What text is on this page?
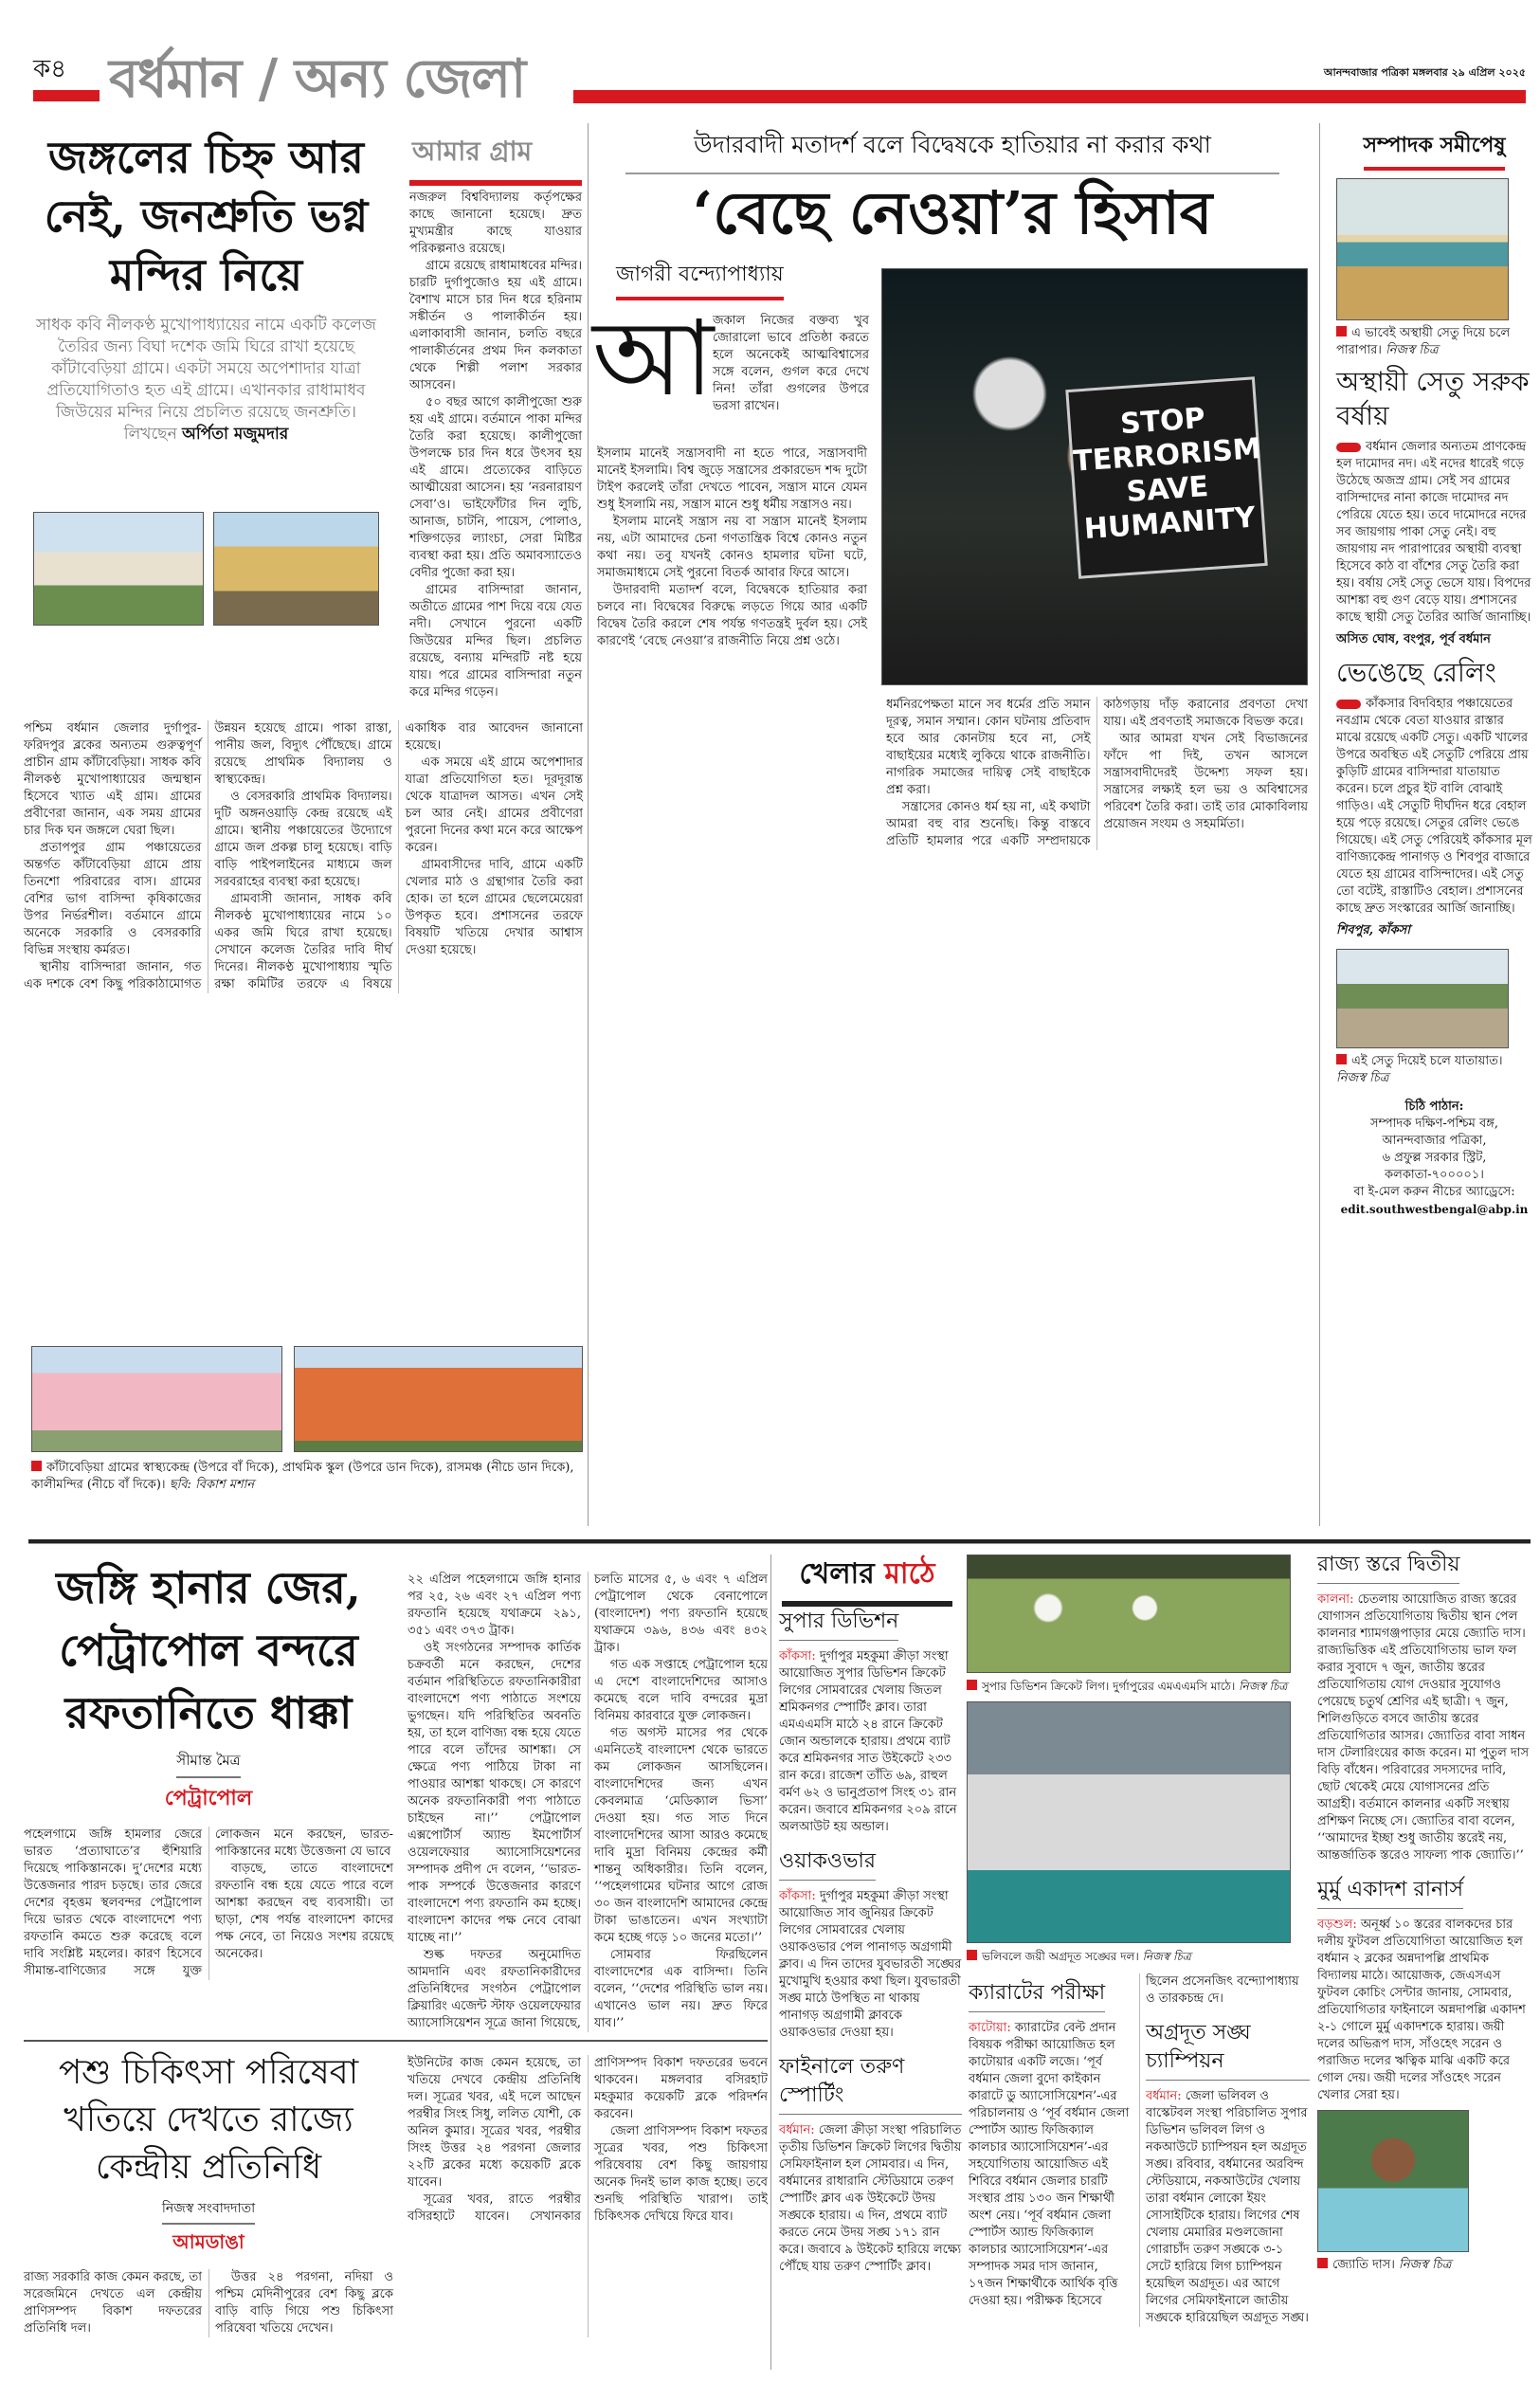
ক৪ বর্ধমান / অন্য জেলা	আনন্দবাজার পত্রিকা মঙ্গলবার ২৯ এপ্রিল ২০২৫
জঙ্গলের চিহ্ন আর নেই, জনশ্রুতি ভগ্ন মন্দির নিয়ে
সাধক কবি নীলকণ্ঠ মুখোপাধ্যায়ের নামে একটি কলেজ তৈরির জন্য বিঘা দশেক জমি ঘিরে রাখা হয়েছে কাঁটাবেড়িয়া গ্রামে। একটা সময়ে অপেশাদার যাত্রা প্রতিযোগিতাও হত এই গ্রামে। এখানকার রাধামাধব জিউয়ের মন্দির নিয়ে প্রচলিত রয়েছে জনশ্রুতি।
লিখছেন অর্পিতা মজুমদার
আমার গ্রাম

নজরুল বিশ্ববিদ্যালয় কর্তৃপক্ষের কাছে জানানো হয়েছে। দ্রুত মুখ্যমন্ত্রীর কাছে যাওয়ার পরিকল্পনাও রয়েছে।

গ্রামে রয়েছে রাধামাধবের মন্দির। চারটি দুর্গাপুজোও হয় এই গ্রামে। বৈশাখ মাসে চার দিন ধরে হরিনাম সঙ্কীর্তন ও পালাকীর্তন হয়। এলাকাবাসী জানান, চলতি বছরে পালাকীর্তনের প্রথম দিন কলকাতা থেকে শিল্পী পলাশ সরকার আসবেন।

৫০ বছর আগে কালীপুজো শুরু হয় এই গ্রামে। বর্তমানে পাকা মন্দির তৈরি করা হয়েছে। কালীপুজো উপলক্ষে চার দিন ধরে উৎসব হয় এই গ্রামে। প্রত্যেকের বাড়িতে আত্মীয়েরা আসেন। হয় ‘নরনারায়ণ সেবা’ও। ভাইফোঁটার দিন লুচি, আনাজ, চাটনি, পায়েস, পোলাও, শক্তিগড়ের ল্যাংচা, সেরা মিষ্টির ব্যবস্থা করা হয়। প্রতি অমাবস্যাতেও বেদীর পুজো করা হয়।

গ্রামের বাসিন্দারা জানান, অতীতে গ্রামের পাশ দিয়ে বয়ে যেত নদী। সেখানে পুরনো একটি জিউয়ের মন্দির ছিল। প্রচলিত রয়েছে, বন্যায় মন্দিরটি নষ্ট হয়ে যায়। পরে গ্রামের বাসিন্দারা নতুন করে মন্দির গড়েন।

পশ্চিম বর্ধমান জেলার দুর্গাপুর-ফরিদপুর ব্লকের অন্যতম গুরুত্বপূর্ণ প্রাচীন গ্রাম কাঁটাবেড়িয়া। সাধক কবি নীলকণ্ঠ মুখোপাধ্যায়ের জন্মস্থান হিসেবে খ্যাত এই গ্রাম। গ্রামের প্রবীণেরা জানান, এক সময় গ্রামের চার দিক ঘন জঙ্গলে ঘেরা ছিল।

প্রতাপপুর গ্রাম পঞ্চায়েতের অন্তর্গত কাঁটাবেড়িয়া গ্রামে প্রায় তিনশো পরিবারের বাস। গ্রামের বেশির ভাগ বাসিন্দা কৃষিকাজের উপর নির্ভরশীল। বর্তমানে গ্রামে অনেকে সরকারি ও বেসরকারি বিভিন্ন সংস্থায় কর্মরত।

স্থানীয় বাসিন্দারা জানান, গত এক দশকে বেশ কিছু পরিকাঠামোগত উন্নয়ন হয়েছে গ্রামে। পাকা রাস্তা, পানীয় জল, বিদ্যুৎ পৌঁছেছে। গ্রামে রয়েছে প্রাথমিক বিদ্যালয় ও স্বাস্থ্যকেন্দ্র।

ও বেসরকারি প্রাথমিক বিদ্যালয়। দুটি অঙ্গনওয়াড়ি কেন্দ্র রয়েছে এই গ্রামে। স্থানীয় পঞ্চায়েতের উদ্যোগে গ্রামে জল প্রকল্প চালু হয়েছে। বাড়ি বাড়ি পাইপলাইনের মাধ্যমে জল সরবরাহের ব্যবস্থা করা হয়েছে।

গ্রামবাসী জানান, সাধক কবি নীলকণ্ঠ মুখোপাধ্যায়ের নামে ১০ একর জমি ঘিরে রাখা হয়েছে। সেখানে কলেজ তৈরির দাবি দীর্ঘ দিনের। নীলকণ্ঠ মুখোপাধ্যায় স্মৃতি রক্ষা কমিটির তরফে এ বিষয়ে একাধিক বার আবেদন জানানো হয়েছে।

এক সময়ে এই গ্রামে অপেশাদার যাত্রা প্রতিযোগিতা হত। দূরদূরান্ত থেকে যাত্রাদল আসত। এখন সেই চল আর নেই। গ্রামের প্রবীণেরা পুরনো দিনের কথা মনে করে আক্ষেপ করেন।

গ্রামবাসীদের দাবি, গ্রামে একটি খেলার মাঠ ও গ্রন্থাগার তৈরি করা হোক। তা হলে গ্রামের ছেলেমেয়েরা উপকৃত হবে। প্রশাসনের তরফে বিষয়টি খতিয়ে দেখার আশ্বাস দেওয়া হয়েছে।

কাঁটাবেড়িয়া গ্রামের স্বাস্থ্যকেন্দ্র (উপরে বাঁ দিকে), প্রাথমিক স্কুল (উপরে ডান দিকে), রাসমঞ্চ (নীচে ডান দিকে), কালীমন্দির (নীচে বাঁ দিকে)। ছবি: বিকাশ মশান
উদারবাদী মতাদর্শ বলে বিদ্বেষকে হাতিয়ার না করার কথা
‘বেছে নেওয়া’র হিসাব
জাগরী বন্দ্যোপাধ্যায়
আ

জকাল নিজের বক্তব্য খুব জোরালো ভাবে প্রতিষ্ঠা করতে হলে অনেকেই আত্মবিশ্বাসের সঙ্গে বলেন, গুগল করে দেখে নিন! তাঁরা গুগলের উপরে ভরসা রাখেন।

ইসলাম মানেই সন্ত্রাসবাদী না হতে পারে, সন্ত্রাসবাদী মানেই ইসলামি। বিশ্ব জুড়ে সন্ত্রাসের প্রকারভেদ শব্দ দুটো টাইপ করলেই তাঁরা দেখতে পাবেন, সন্ত্রাস মানে যেমন শুধু ইসলামি নয়, সন্ত্রাস মানে শুধু ধর্মীয় সন্ত্রাসও নয়।

ইসলাম মানেই সন্ত্রাস নয় বা সন্ত্রাস মানেই ইসলাম নয়, এটা আমাদের চেনা গণতান্ত্রিক বিশ্বে কোনও নতুন কথা নয়। তবু যখনই কোনও হামলার ঘটনা ঘটে, সমাজমাধ্যমে সেই পুরনো বিতর্ক আবার ফিরে আসে।

উদারবাদী মতাদর্শ বলে, বিদ্বেষকে হাতিয়ার করা চলবে না। বিদ্বেষের বিরুদ্ধে লড়তে গিয়ে আর একটি বিদ্বেষ তৈরি করলে শেষ পর্যন্ত গণতন্ত্রই দুর্বল হয়। সেই কারণেই ‘বেছে নেওয়া’র রাজনীতি নিয়ে প্রশ্ন ওঠে।

STOP TERRORISM SAVE HUMANITY

ধর্মনিরপেক্ষতা মানে সব ধর্মের প্রতি সমান দূরত্ব, সমান সম্মান। কোন ঘটনায় প্রতিবাদ হবে আর কোনটায় হবে না, সেই বাছাইয়ের মধ্যেই লুকিয়ে থাকে রাজনীতি। নাগরিক সমাজের দায়িত্ব সেই বাছাইকে প্রশ্ন করা।

সন্ত্রাসের কোনও ধর্ম হয় না, এই কথাটা আমরা বহু বার শুনেছি। কিন্তু বাস্তবে প্রতিটি হামলার পরে একটি সম্প্রদায়কে কাঠগড়ায় দাঁড় করানোর প্রবণতা দেখা যায়। এই প্রবণতাই সমাজকে বিভক্ত করে।

আর আমরা যখন সেই বিভাজনের ফাঁদে পা দিই, তখন আসলে সন্ত্রাসবাদীদেরই উদ্দেশ্য সফল হয়। সন্ত্রাসের লক্ষ্যই হল ভয় ও অবিশ্বাসের পরিবেশ তৈরি করা। তাই তার মোকাবিলায় প্রয়োজন সংযম ও সহমর্মিতা।

সম্পাদক সমীপেষু
এ ভাবেই অস্থায়ী সেতু দিয়ে চলে পারাপার। নিজস্ব চিত্র
অস্থায়ী সেতু সরুক বর্ষায়

বর্ধমান জেলার অন্যতম প্রাণকেন্দ্র হল দামোদর নদ। এই নদের ধারেই গড়ে উঠেছে অজস্র গ্রাম। সেই সব গ্রামের বাসিন্দাদের নানা কাজে দামোদর নদ পেরিয়ে যেতে হয়। তবে দামোদরে নদের সব জায়গায় পাকা সেতু নেই। বহু জায়গায় নদ পারাপারের অস্থায়ী ব্যবস্থা হিসেবে কাঠ বা বাঁশের সেতু তৈরি করা হয়। বর্ষায় সেই সেতু ভেসে যায়। বিপদের আশঙ্কা বহু গুণ বেড়ে যায়। প্রশাসনের কাছে স্থায়ী সেতু তৈরির আর্জি জানাচ্ছি।

অসিত ঘোষ, বংপুর, পূর্ব বর্ধমান
ভেঙেছে রেলিং

কাঁকসার বিদবিহার পঞ্চায়েতের নবগ্রাম থেকে বেতা যাওয়ার রাস্তার মাঝে রয়েছে একটি সেতু। একটি খালের উপরে অবস্থিত এই সেতুটি পেরিয়ে প্রায় কুড়িটি গ্রামের বাসিন্দারা যাতায়াত করেন। চলে প্রচুর ইট বালি বোঝাই গাড়িও। এই সেতুটি দীর্ঘদিন ধরে বেহাল হয়ে পড়ে রয়েছে। সেতুর রেলিং ভেঙে গিয়েছে। এই সেতু পেরিয়েই কাঁকসার মূল বাণিজ্যকেন্দ্র পানাগড় ও শিবপুর বাজারে যেতে হয় গ্রামের বাসিন্দাদের। এই সেতু তো বটেই, রাস্তাটিও বেহাল। প্রশাসনের কাছে দ্রুত সংস্কারের আর্জি জানাচ্ছি।

শিবপুর, কাঁকসা
এই সেতু দিয়েই চলে যাতায়াত। নিজস্ব চিত্র
চিঠি পাঠান:
সম্পাদক দক্ষিণ-পশ্চিম বঙ্গ,
আনন্দবাজার পত্রিকা,
৬ প্রফুল্ল সরকার স্ট্রিট,
কলকাতা-৭০০০০১।
বা ই-মেল করুন নীচের অ্যাড্রেসে:
edit.southwestbengal@abp.in
জঙ্গি হানার জের, পেট্রাপোল বন্দরে রফতানিতে ধাক্কা
সীমান্ত মৈত্র
পেট্রাপোল

পহেলগামে জঙ্গি হামলার জেরে ভারত ‘প্রত্যাঘাতে’র হুঁশিয়ারি দিয়েছে পাকিস্তানকে। দু’দেশের মধ্যে উত্তেজনার পারদ চড়ছে। তার জেরে দেশের বৃহত্তম স্থলবন্দর পেট্রাপোল দিয়ে ভারত থেকে বাংলাদেশে পণ্য রফতানি কমতে শুরু করেছে বলে দাবি সংশ্লিষ্ট মহলের। কারণ হিসেবে সীমান্ত-বাণিজ্যের সঙ্গে যুক্ত লোকজন মনে করছেন, ভারত-পাকিস্তানের মধ্যে উত্তেজনা যে ভাবে

বাড়ছে, তাতে বাংলাদেশে রফতানি বন্ধ হয়ে যেতে পারে বলে আশঙ্কা করছেন বহু ব্যবসায়ী। তা ছাড়া, শেষ পর্যন্ত বাংলাদেশ কাদের পক্ষ নেবে, তা নিয়েও সংশয় রয়েছে অনেকের।

২২ এপ্রিল পহেলগামে জঙ্গি হানার পর ২৫, ২৬ এবং ২৭ এপ্রিল পণ্য রফতানি হয়েছে যথাক্রমে ২৯১, ৩৫১ এবং ৩৭৩ ট্রাক।

ওই সংগঠনের সম্পাদক কার্তিক চক্রবর্তী মনে করছেন, দেশের বর্তমান পরিস্থিতিতে রফতানিকারীরা বাংলাদেশে পণ্য পাঠাতে সংশয়ে ভুগছেন। যদি পরিস্থিতির অবনতি হয়, তা হলে বাণিজ্য বন্ধ হয়ে যেতে পারে বলে তাঁদের আশঙ্কা। সে ক্ষেত্রে পণ্য পাঠিয়ে টাকা না পাওয়ার আশঙ্কা থাকছে। সে কারণে অনেক রফতানিকারী পণ্য পাঠাতে চাইছেন না।’’ পেট্রাপোল এক্সপোর্টার্স অ্যান্ড ইমপোর্টার্স ওয়েলফেয়ার অ্যাসোসিয়েশনের সম্পাদক প্রদীপ দে বলেন, ‘‘ভারত-পাক সম্পর্কে উত্তেজনার কারণে বাংলাদেশে পণ্য রফতানি কম হচ্ছে। বাংলাদেশ কাদের পক্ষ নেবে বোঝা যাচ্ছে না।’’

শুল্ক দফতর অনুমোদিত আমদানি এবং রফতানিকারীদের প্রতিনিধিদের সংগঠন পেট্রাপোল ক্লিয়ারিং এজেন্ট স্টাফ ওয়েলফেয়ার অ্যাসোসিয়েশন সূত্রে জানা গিয়েছে, চলতি মাসের ৫, ৬ এবং ৭ এপ্রিল পেট্রাপোল থেকে বেনাপোলে (বাংলাদেশ) পণ্য রফতানি হয়েছে যথাক্রমে ৩৯৬, ৪৩৬ এবং ৪৩২ ট্রাক।

গত এক সপ্তাহে পেট্রাপোল হয়ে এ দেশে বাংলাদেশিদের আসাও কমেছে বলে দাবি বন্দরের মুদ্রা বিনিময় কারবারে যুক্ত লোকজন।

গত অগস্ট মাসের পর থেকে এমনিতেই বাংলাদেশ থেকে ভারতে কম লোকজন আসছিলেন। বাংলাদেশিদের জন্য এখন কেবলমাত্র ‘মেডিক্যাল ভিসা’ দেওয়া হয়। গত সাত দিনে বাংলাদেশিদের আসা আরও কমেছে দাবি মুদ্রা বিনিময় কেন্দ্রের কর্মী শান্তনু অধিকারীর। তিনি বলেন, ‘‘পহেলগামের ঘটনার আগে রোজ ৩০ জন বাংলাদেশি আমাদের কেন্দ্রে টাকা ভাঙাতেন। এখন সংখ্যাটা কমে হচ্ছে গড়ে ১০ জনের মতো।’’

সোমবার ফিরছিলেন বাংলাদেশের এক বাসিন্দা। তিনি বলেন, ‘‘দেশের পরিস্থিতি ভাল নয়। এখানেও ভাল নয়। দ্রুত ফিরে যাব।’’

পশু চিকিৎসা পরিষেবা খতিয়ে দেখতে রাজ্যে কেন্দ্রীয় প্রতিনিধি
নিজস্ব সংবাদদাতা
আমডাঙা

রাজ্য সরকারি কাজ কেমন করছে, তা সরেজমিনে দেখতে এল কেন্দ্রীয় প্রাণিসম্পদ বিকাশ দফতরের প্রতিনিধি দল।

উত্তর ২৪ পরগনা, নদিয়া ও পশ্চিম মেদিনীপুরের বেশ কিছু ব্লকে বাড়ি বাড়ি গিয়ে পশু চিকিৎসা পরিষেবা খতিয়ে দেখেন।

ইউনিটের কাজ কেমন হয়েছে, তা খতিয়ে দেখবে কেন্দ্রীয় প্রতিনিধি দল। সূত্রের খবর, এই দলে আছেন পরম্বীর সিংহ সিধু, ললিত যোশী, কে অনিল কুমার। সূত্রের খবর, পরম্বীর সিংহ উত্তর ২৪ পরগনা জেলার ২২টি ব্লকের মধ্যে কয়েকটি ব্লকে যাবেন।

সূত্রের খবর, রাতে পরম্বীর বসিরহাটে যাবেন। সেখানকার প্রাণিসম্পদ বিকাশ দফতরের ভবনে থাকবেন। মঙ্গলবার বসিরহাট মহকুমার কয়েকটি ব্লকে পরিদর্শন করবেন।

জেলা প্রাণিসম্পদ বিকাশ দফতর সূত্রের খবর, পশু চিকিৎসা পরিষেবায় বেশ কিছু জায়গায় অনেক দিনই ভাল কাজ হচ্ছে। তবে শুনছি পরিস্থিতি খারাপ। তাই চিকিৎসক দেখিয়ে ফিরে যাব।

খেলার মাঠে
সুপার ডিভিশন ক্রিকেট লিগ। দুর্গাপুরের এমএএমসি মাঠে। নিজস্ব চিত্র
ভলিবলে জয়ী অগ্রদূত সঙ্ঘের দল। নিজস্ব চিত্র
সুপার ডিভিশন
কাঁকসা: দুর্গাপুর মহকুমা ক্রীড়া সংস্থা আয়োজিত সুপার ডিভিশন ক্রিকেট লিগের সোমবারের খেলায় জিতল শ্রমিকনগর স্পোর্টিং ক্লাব। তারা এমএএমসি মাঠে ২৪ রানে ক্রিকেট জোন অন্ডালকে হারায়। প্রথমে ব্যাট করে শ্রমিকনগর সাত উইকেটে ২৩৩ রান করে। রাজেশ তাঁতি ৬৯, রাহুল বর্মণ ৬২ ও ভানুপ্রতাপ সিংহ ৩১ রান করেন। জবাবে শ্রমিকনগর ২০৯ রানে অলআউট হয় অন্ডাল।
ওয়াকওভার
কাঁকসা: দুর্গাপুর মহকুমা ক্রীড়া সংস্থা আয়োজিত সাব জুনিয়র ক্রিকেট লিগের সোমবারের খেলায় ওয়াকওভার পেল পানাগড় অগ্রগামী ক্লাব। এ দিন তাদের যুবভারতী সঙ্ঘের মুখোমুখি হওয়ার কথা ছিল। যুবভারতী সঙ্ঘ মাঠে উপস্থিত না থাকায় পানাগড় অগ্রগামী ক্লাবকে ওয়াকওভার দেওয়া হয়।
ফাইনালে তরুণ স্পোর্টিং
বর্ধমান: জেলা ক্রীড়া সংস্থা পরিচালিত তৃতীয় ডিভিশন ক্রিকেট লিগের দ্বিতীয় সেমিফাইনাল হল সোমবার। এ দিন, বর্ধমানের রাধারানি স্টেডিয়ামে তরুণ স্পোর্টিং ক্লাব এক উইকেটে উদয় সঙ্ঘকে হারায়। এ দিন, প্রথমে ব্যাট করতে নেমে উদয় সঙ্ঘ ১৭১ রান করে। জবাবে ৯ উইকেট হারিয়ে লক্ষ্যে পৌঁছে যায় তরুণ স্পোর্টিং ক্লাব।
ক্যারাটের পরীক্ষা
কাটোয়া: ক্যারাটের বেল্ট প্রদান বিষয়ক পরীক্ষা আয়োজিত হল কাটোয়ার একটি লজে। ‘পূর্ব বর্ধমান জেলা বুদো কাইকান কারাটে ডু অ্যাসোসিয়েশন’-এর পরিচালনায় ও ‘পূর্ব বর্ধমান জেলা স্পোর্টস অ্যান্ড ফিজিক্যাল কালচার অ্যাসোসিয়েশন’-এর সহযোগিতায় আয়োজিত এই শিবিরে বর্ধমান জেলার চারটি সংস্থার প্রায় ১৩০ জন শিক্ষার্থী অংশ নেয়। ‘পূর্ব বর্ধমান জেলা স্পোর্টস অ্যান্ড ফিজিক্যাল কালচার অ্যাসোসিয়েশন’-এর সম্পাদক সমর দাস জানান, ১৭জন শিক্ষার্থীকে আর্থিক বৃত্তি দেওয়া হয়। পরীক্ষক হিসেবে ছিলেন প্রসেনজিৎ বন্দ্যোপাধ্যায় ও তারকচন্দ্র দে।
অগ্রদূত সঙ্ঘ চ্যাম্পিয়ন
বর্ধমান: জেলা ভলিবল ও বাস্কেটবল সংস্থা পরিচালিত সুপার ডিভিশন ভলিবল লিগ ও নকআউটে চ্যাম্পিয়ন হল অগ্রদূত সঙ্ঘ। রবিবার, বর্ধমানের অরবিন্দ স্টেডিয়ামে, নকআউটের খেলায় তারা বর্ধমান লোকো ইয়ং সোসাইটিকে হারায়। লিগের শেষ খেলায় মেমারির মণ্ডলজোনা গোরাচাঁদ তরুণ সঙ্ঘকে ৩-১ সেটে হারিয়ে লিগ চ্যাম্পিয়ন হয়েছিল অগ্রদূত। এর আগে লিগের সেমিফাইনালে জাতীয় সঙ্ঘকে হারিয়েছিল অগ্রদূত সঙ্ঘ।
রাজ্য স্তরে দ্বিতীয়
কালনা: চেতলায় আয়োজিত রাজ্য স্তরের যোগাসন প্রতিযোগিতায় দ্বিতীয় স্থান পেল কালনার শ্যামগঞ্জপাড়ার মেয়ে জ্যোতি দাস। রাজ্যভিত্তিক এই প্রতিযোগিতায় ভাল ফল করার সুবাদে ৭ জুন, জাতীয় স্তরের প্রতিযোগিতায় যোগ দেওয়ার সুযোগও পেয়েছে চতুর্থ শ্রেণির এই ছাত্রী। ৭ জুন, শিলিগুড়িতে বসবে জাতীয় স্তরের প্রতিযোগিতার আসর। জ্যোতির বাবা সাধন দাস টেলারিংয়ের কাজ করেন। মা পুতুল দাস বিড়ি বাঁধেন। পরিবারের সদস্যদের দাবি, ছোট থেকেই মেয়ে যোগাসনের প্রতি আগ্রহী। বর্তমানে কালনার একটি সংস্থায় প্রশিক্ষণ নিচ্ছে সে। জ্যোতির বাবা বলেন, ‘‘আমাদের ইচ্ছা শুধু জাতীয় স্তরেই নয়, আন্তর্জাতিক স্তরেও সাফল্য পাক জ্যোতি।’’
মুর্মু একাদশ রানার্স
বড়শুল: অনূর্ধ্ব ১০ স্তরের বালকদের চার দলীয় ফুটবল প্রতিযোগিতা আয়োজিত হল বর্ধমান ২ ব্লকের অন্নদাপল্লি প্রাথমিক বিদ্যালয় মাঠে। আয়োজক, জেএসএস ফুটবল কোচিং সেন্টার জানায়, সোমবার, প্রতিযোগিতার ফাইনালে অন্নদাপল্লি একাদশ ২-১ গোলে মুর্মু একাদশকে হারায়। জয়ী দলের অভিরূপ দাস, সাঁওহেৎ সরেন ও পরাজিত দলের ঋত্বিক মাঝি একটি করে গোল দেয়। জয়ী দলের সাঁওহেৎ সরেন খেলার সেরা হয়।
জ্যোতি দাস। নিজস্ব চিত্র
